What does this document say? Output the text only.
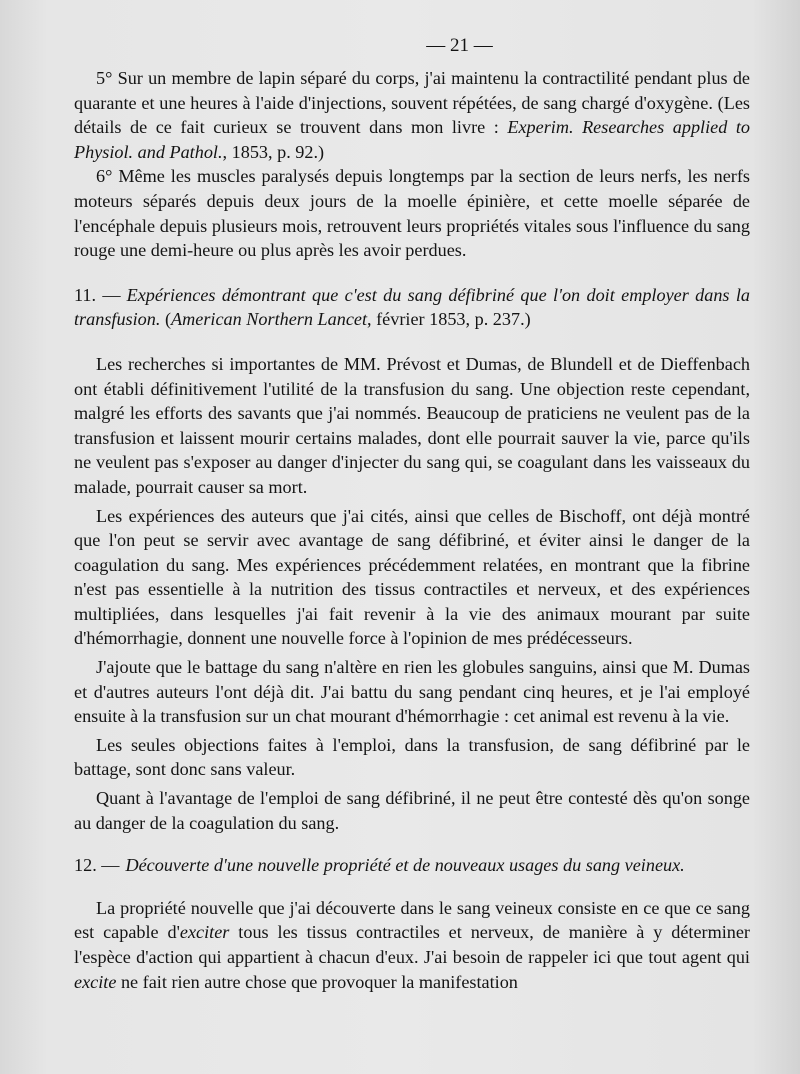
— 21 —

5° Sur un membre de lapin séparé du corps, j'ai maintenu la contractilité pendant plus de quarante et une heures à l'aide d'injections, souvent répétées, de sang chargé d'oxygène. (Les détails de ce fait curieux se trouvent dans mon livre : Experim. Researches applied to Physiol. and Pathol., 1853, p. 92.)

6° Même les muscles paralysés depuis longtemps par la section de leurs nerfs, les nerfs moteurs séparés depuis deux jours de la moelle épinière, et cette moelle séparée de l'encéphale depuis plusieurs mois, retrouvent leurs propriétés vitales sous l'influence du sang rouge une demi-heure ou plus après les avoir perdues.

11. — Expériences démontrant que c'est du sang défibriné que l'on doit employer dans la transfusion. (American Northern Lancet, février 1853, p. 237.)

Les recherches si importantes de MM. Prévost et Dumas, de Blundell et de Dieffenbach ont établi définitivement l'utilité de la transfusion du sang. Une objection reste cependant, malgré les efforts des savants que j'ai nommés. Beaucoup de praticiens ne veulent pas de la transfusion et laissent mourir certains malades, dont elle pourrait sauver la vie, parce qu'ils ne veulent pas s'exposer au danger d'injecter du sang qui, se coagulant dans les vaisseaux du malade, pourrait causer sa mort.

Les expériences des auteurs que j'ai cités, ainsi que celles de Bischoff, ont déjà montré que l'on peut se servir avec avantage de sang défibriné, et éviter ainsi le danger de la coagulation du sang. Mes expériences précédemment relatées, en montrant que la fibrine n'est pas essentielle à la nutrition des tissus contractiles et nerveux, et des expériences multipliées, dans lesquelles j'ai fait revenir à la vie des animaux mourant par suite d'hémorrhagie, donnent une nouvelle force à l'opinion de mes prédécesseurs.

J'ajoute que le battage du sang n'altère en rien les globules sanguins, ainsi que M. Dumas et d'autres auteurs l'ont déjà dit. J'ai battu du sang pendant cinq heures, et je l'ai employé ensuite à la transfusion sur un chat mourant d'hémorrhagie : cet animal est revenu à la vie.

Les seules objections faites à l'emploi, dans la transfusion, de sang défibriné par le battage, sont donc sans valeur.

Quant à l'avantage de l'emploi de sang défibriné, il ne peut être contesté dès qu'on songe au danger de la coagulation du sang.

12. — Découverte d'une nouvelle propriété et de nouveaux usages du sang veineux.

La propriété nouvelle que j'ai découverte dans le sang veineux consiste en ce que ce sang est capable d'exciter tous les tissus contractiles et nerveux, de manière à y déterminer l'espèce d'action qui appartient à chacun d'eux. J'ai besoin de rappeler ici que tout agent qui excite ne fait rien autre chose que provoquer la manifestation
